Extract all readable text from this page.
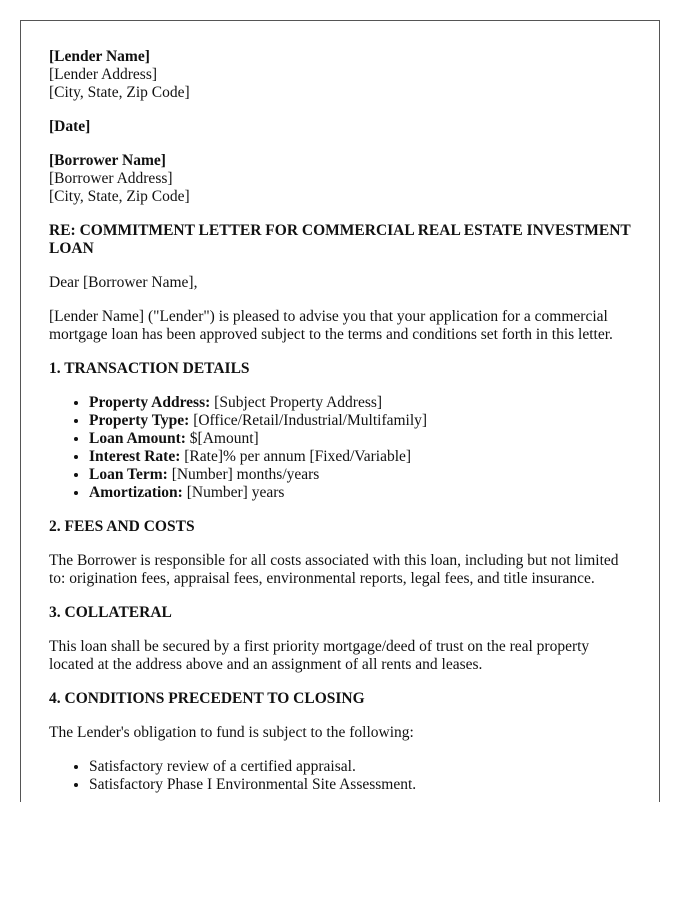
[Lender Name]
[Lender Address]
[City, State, Zip Code]
[Date]
[Borrower Name]
[Borrower Address]
[City, State, Zip Code]

RE: COMMITMENT LETTER FOR COMMERCIAL REAL ESTATE INVESTMENT LOAN

Dear [Borrower Name],

[Lender Name] ("Lender") is pleased to advise you that your application for a commercial mortgage loan has been approved subject to the terms and conditions set forth in this letter.

1. TRANSACTION DETAILS
• Property Address: [Subject Property Address]
• Property Type: [Office/Retail/Industrial/Multifamily]
• Loan Amount: $[Amount]
• Interest Rate: [Rate]% per annum [Fixed/Variable]
• Loan Term: [Number] months/years
• Amortization: [Number] years
2. FEES AND COSTS

The Borrower is responsible for all costs associated with this loan, including but not limited to: origination fees, appraisal fees, environmental reports, legal fees, and title insurance.

3. COLLATERAL

This loan shall be secured by a first priority mortgage/deed of trust on the real property located at the address above and an assignment of all rents and leases.

4. CONDITIONS PRECEDENT TO CLOSING

The Lender's obligation to fund is subject to the following:

• Satisfactory review of a certified appraisal.
• Satisfactory Phase I Environmental Site Assessment.
